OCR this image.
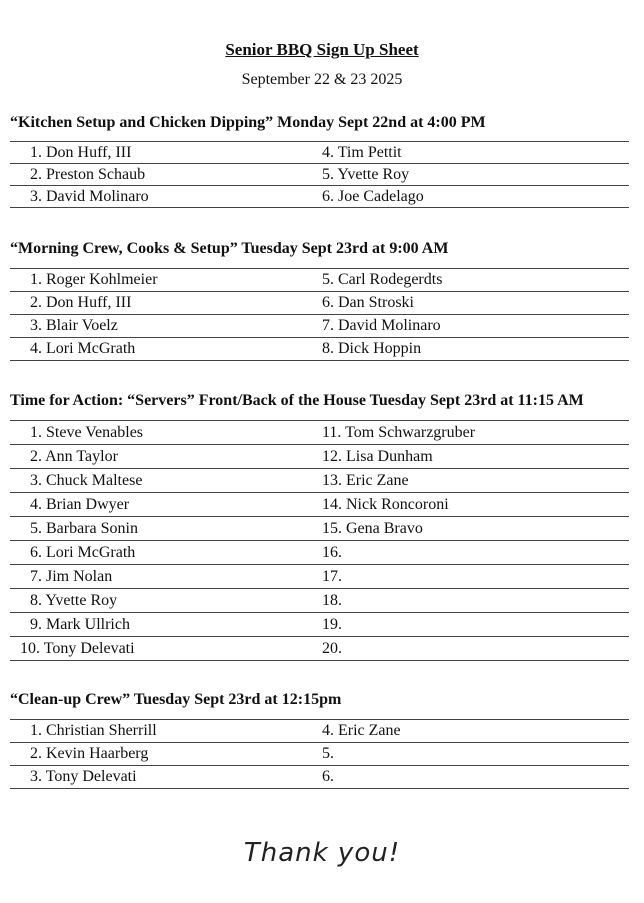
Senior BBQ Sign Up Sheet
September 22 & 23 2025
“Kitchen Setup and Chicken Dipping” Monday Sept 22nd at 4:00 PM
1. Don Huff, III	4. Tim Pettit
2. Preston Schaub	5. Yvette Roy
3. David Molinaro	6. Joe Cadelago
“Morning Crew, Cooks & Setup” Tuesday Sept 23rd at 9:00 AM
1. Roger Kohlmeier	5. Carl Rodegerdts
2. Don Huff, III	6. Dan Stroski
3. Blair Voelz	7. David Molinaro
4. Lori McGrath	8. Dick Hoppin
Time for Action: “Servers” Front/Back of the House Tuesday Sept 23rd at 11:15 AM
1. Steve Venables	11. Tom Schwarzgruber
2. Ann Taylor	12. Lisa Dunham
3. Chuck Maltese	13. Eric Zane
4. Brian Dwyer	14. Nick Roncoroni
5. Barbara Sonin	15. Gena Bravo
6. Lori McGrath	16.
7. Jim Nolan	17.
8. Yvette Roy	18.
9. Mark Ullrich	19.
10. Tony Delevati	20.
“Clean-up Crew” Tuesday Sept 23rd at 12:15pm
1. Christian Sherrill	4. Eric Zane
2. Kevin Haarberg	5.
3. Tony Delevati	6.
Thank you!
